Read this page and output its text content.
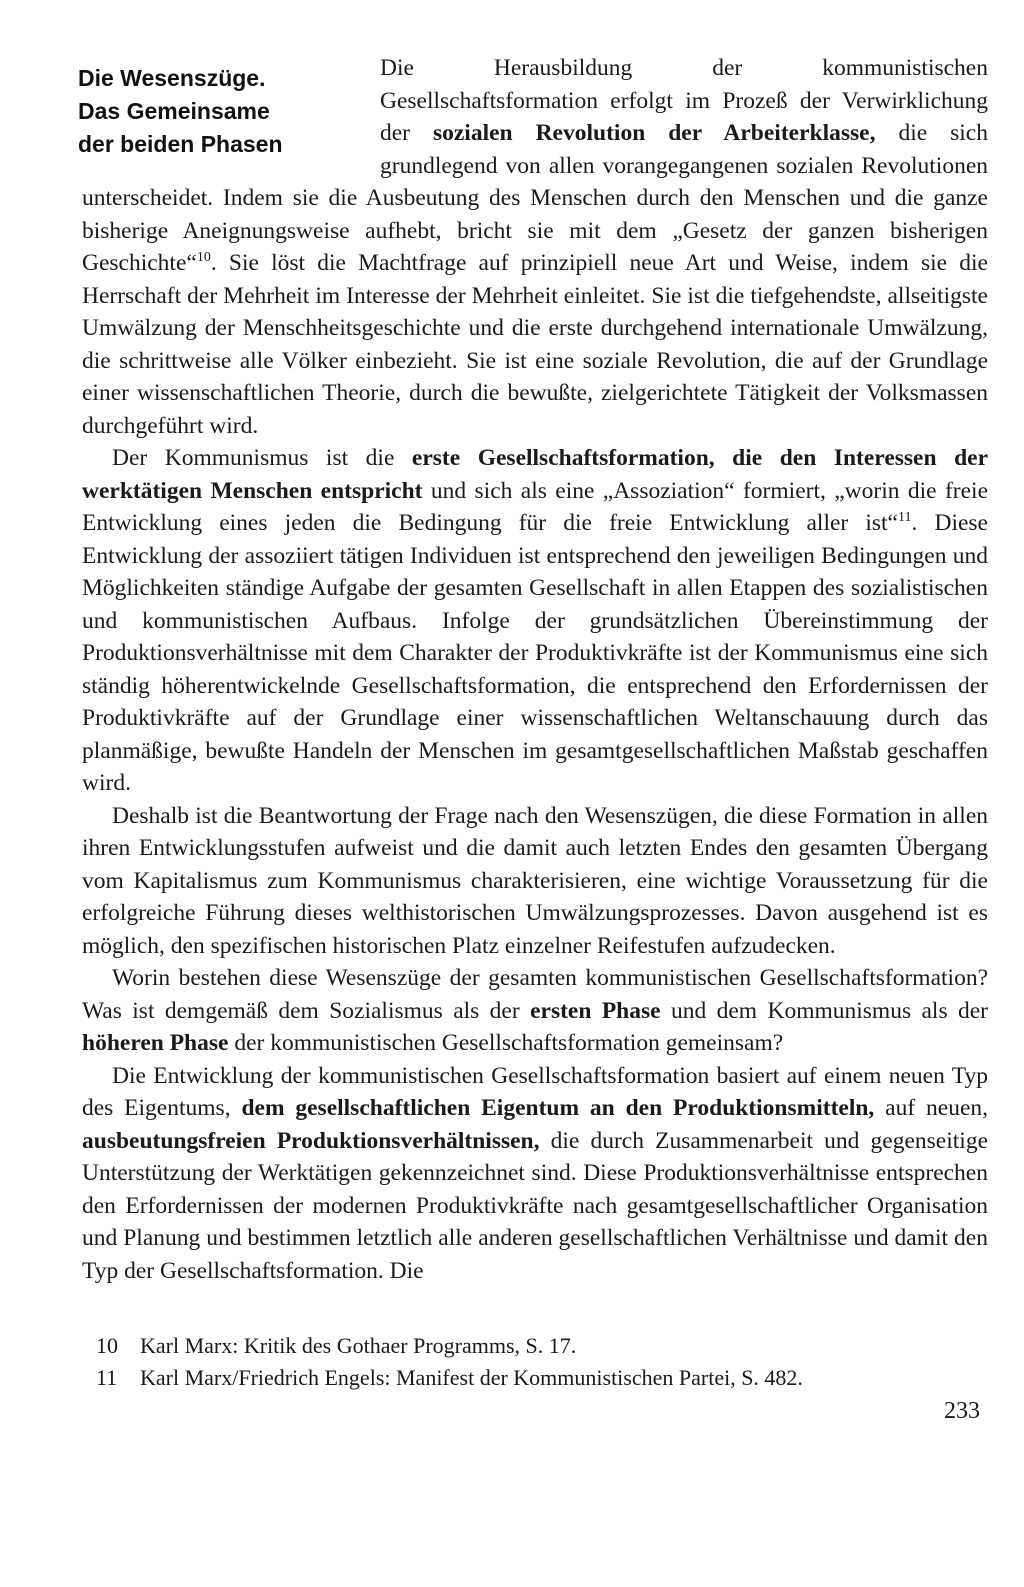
Die Wesenszüge.
Das Gemeinsame
der beiden Phasen

Die Herausbildung der kommunistischen Gesellschaftsformation erfolgt im Prozeß der Verwirklichung der sozialen Revolution der Arbeiterklasse, die sich grundlegend von allen vorangegangenen sozialen Revolutionen unterscheidet. Indem sie die Ausbeutung des Menschen durch den Menschen und die ganze bisherige Aneignungsweise aufhebt, bricht sie mit dem „Gesetz der ganzen bisherigen Geschichte“$^{10}$. Sie löst die Machtfrage auf prinzipiell neue Art und Weise, indem sie die Herrschaft der Mehrheit im Interesse der Mehrheit einleitet. Sie ist die tiefgehendste, allseitigste Umwälzung der Menschheitsgeschichte und die erste durchgehend internationale Umwälzung, die schrittweise alle Völker einbezieht. Sie ist eine soziale Revolution, die auf der Grundlage einer wissenschaftlichen Theorie, durch die bewußte, zielgerichtete Tätigkeit der Volksmassen durchgeführt wird.

Der Kommunismus ist die erste Gesellschaftsformation, die den Interessen der werktätigen Menschen entspricht und sich als eine „Assoziation“ formiert, „worin die freie Entwicklung eines jeden die Bedingung für die freie Entwicklung aller ist“$^{11}$. Diese Entwicklung der assoziiert tätigen Individuen ist entsprechend den jeweiligen Bedingungen und Möglichkeiten ständige Aufgabe der gesamten Gesellschaft in allen Etappen des sozialistischen und kommunistischen Aufbaus. Infolge der grundsätzlichen Übereinstimmung der Produktionsverhältnisse mit dem Charakter der Produktivkräfte ist der Kommunismus eine sich ständig höherentwickelnde Gesellschaftsformation, die entsprechend den Erfordernissen der Produktivkräfte auf der Grundlage einer wissenschaftlichen Weltanschauung durch das planmäßige, bewußte Handeln der Menschen im gesamtgesellschaftlichen Maßstab geschaffen wird.

Deshalb ist die Beantwortung der Frage nach den Wesenszügen, die diese Formation in allen ihren Entwicklungsstufen aufweist und die damit auch letzten Endes den gesamten Übergang vom Kapitalismus zum Kommunismus charakterisieren, eine wichtige Voraussetzung für die erfolgreiche Führung dieses welthistorischen Umwälzungsprozesses. Davon ausgehend ist es möglich, den spezifischen historischen Platz einzelner Reifestufen aufzudecken.

Worin bestehen diese Wesenszüge der gesamten kommunistischen Gesellschaftsformation? Was ist demgemäß dem Sozialismus als der ersten Phase und dem Kommunismus als der höheren Phase der kommunistischen Gesellschaftsformation gemeinsam?

Die Entwicklung der kommunistischen Gesellschaftsformation basiert auf einem neuen Typ des Eigentums, dem gesellschaftlichen Eigentum an den Produktionsmitteln, auf neuen, ausbeutungsfreien Produktionsverhältnissen, die durch Zusammenarbeit und gegenseitige Unterstützung der Werktätigen gekennzeichnet sind. Diese Produktionsverhältnisse entsprechen den Erfordernissen der modernen Produktivkräfte nach gesamtgesellschaftlicher Organisation und Planung und bestimmen letztlich alle anderen gesellschaftlichen Verhältnisse und damit den Typ der Gesellschaftsformation. Die

10 Karl Marx: Kritik des Gothaer Programms, S. 17.
11 Karl Marx/Friedrich Engels: Manifest der Kommunistischen Partei, S. 482.
233
